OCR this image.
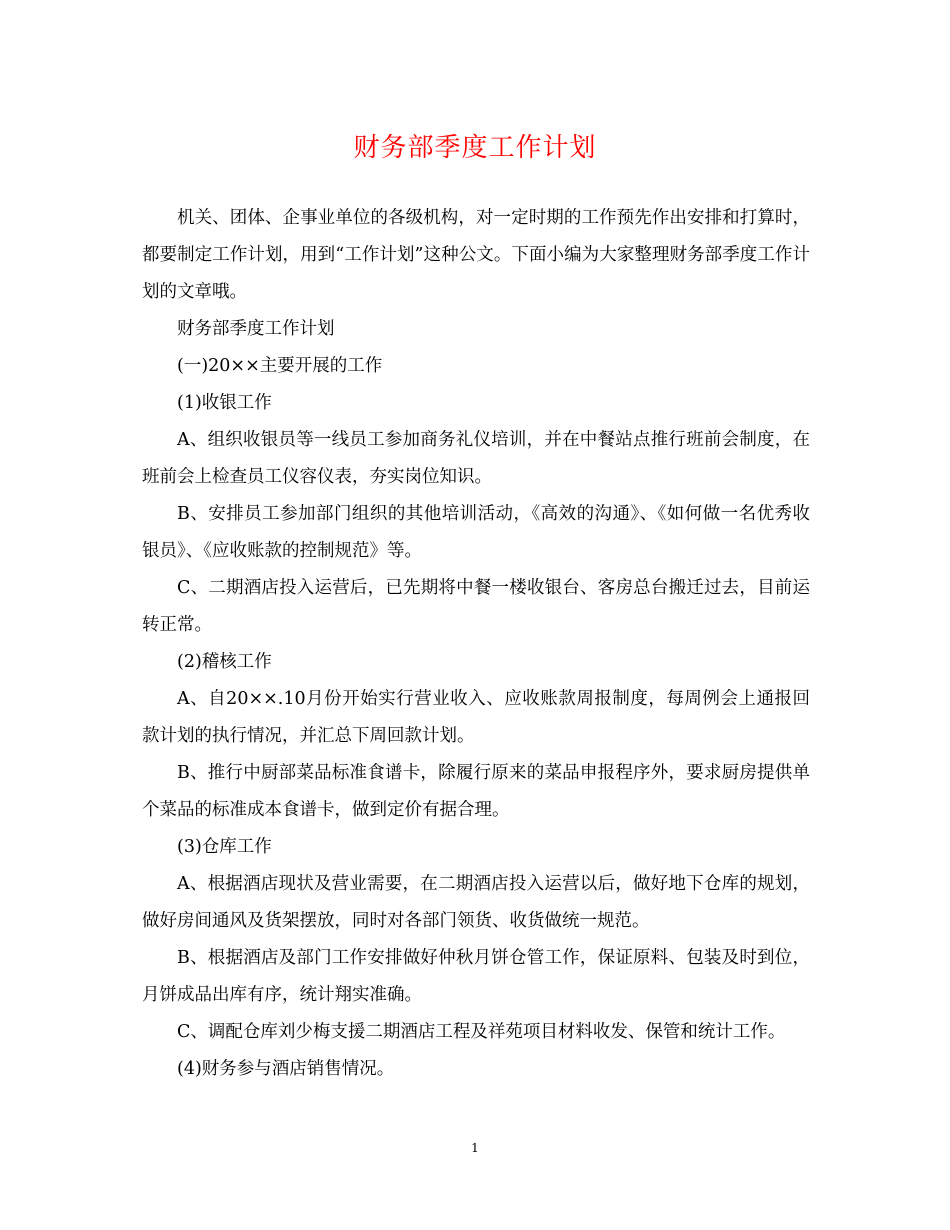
财务部季度工作计划

机关、团体、企事业单位的各级机构，对一定时期的工作预先作出安排和打算时，都要制定工作计划，用到“工作计划”这种公文。下面小编为大家整理财务部季度工作计划的文章哦。

财务部季度工作计划

(一)20××主要开展的工作

(1)收银工作

A、组织收银员等一线员工参加商务礼仪培训，并在中餐站点推行班前会制度，在班前会上检查员工仪容仪表，夯实岗位知识。

B、安排员工参加部门组织的其他培训活动，《高效的沟通》、《如何做一名优秀收银员》、《应收账款的控制规范》等。

C、二期酒店投入运营后，已先期将中餐一楼收银台、客房总台搬迁过去，目前运转正常。

(2)稽核工作

A、自20××.10月份开始实行营业收入、应收账款周报制度，每周例会上通报回款计划的执行情况，并汇总下周回款计划。

B、推行中厨部菜品标准食谱卡，除履行原来的菜品申报程序外，要求厨房提供单个菜品的标准成本食谱卡，做到定价有据合理。

(3)仓库工作

A、根据酒店现状及营业需要，在二期酒店投入运营以后，做好地下仓库的规划，做好房间通风及货架摆放，同时对各部门领货、收货做统一规范。

B、根据酒店及部门工作安排做好仲秋月饼仓管工作，保证原料、包装及时到位，月饼成品出库有序，统计翔实准确。

C、调配仓库刘少梅支援二期酒店工程及祥苑项目材料收发、保管和统计工作。

(4)财务参与酒店销售情况。

1
